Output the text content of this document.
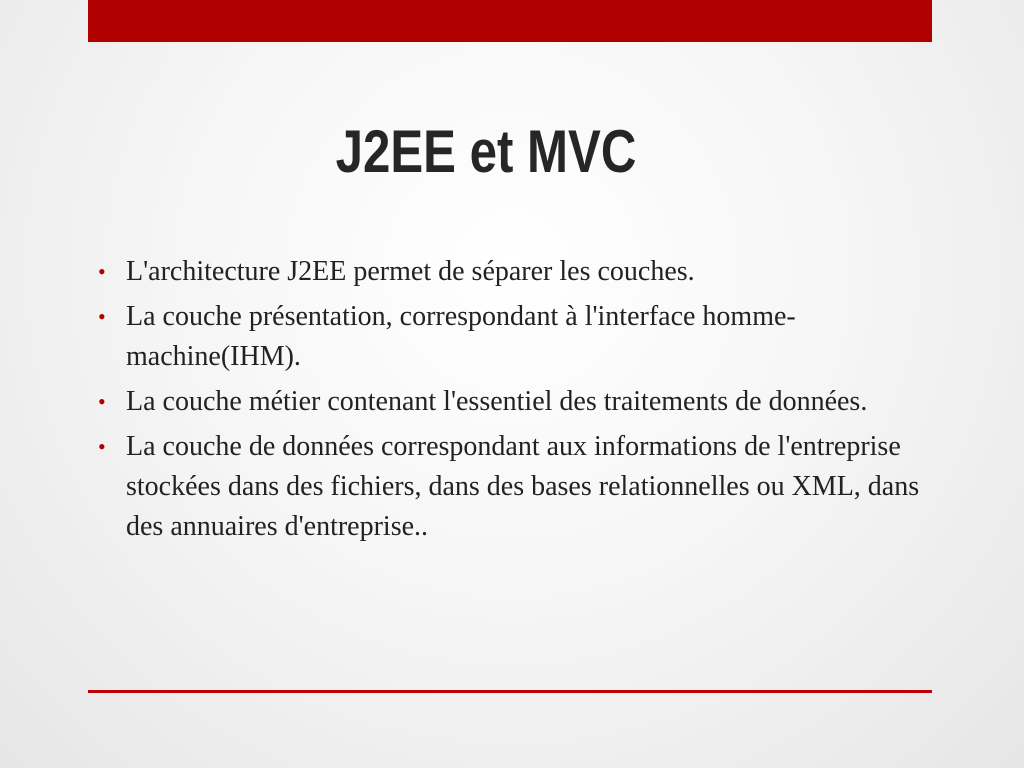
J2EE et MVC
• L'architecture J2EE permet de séparer les couches.
• La couche présentation, correspondant à l'interface homme-machine(IHM).
• La couche métier contenant l'essentiel des traitements de données.
• La couche de données correspondant aux informations de l'entreprise stockées dans des fichiers, dans des bases relationnelles ou XML, dans des annuaires d'entreprise..
